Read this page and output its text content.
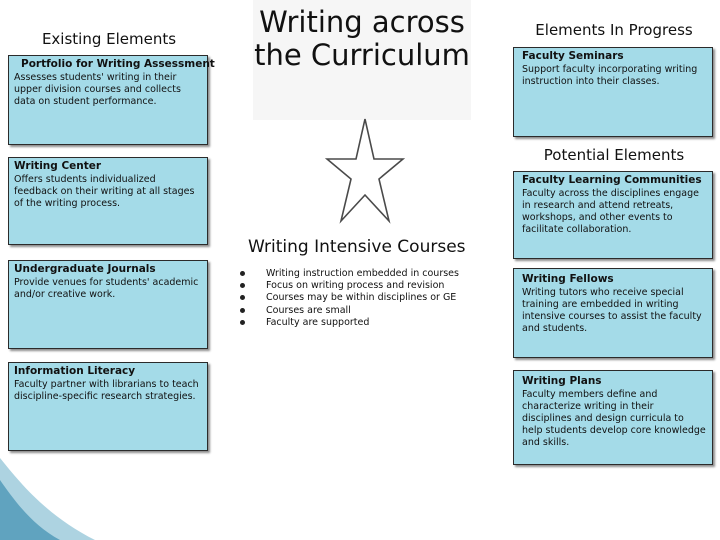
Writing across the Curriculum
Existing Elements	Elements In Progress
Potential Elements
Portfolio for Writing Assessment
Assesses students' writing in their upper division courses and collects data on student performance.
Writing Center
Offers students individualized feedback on their writing at all stages of the writing process.
Undergraduate Journals
Provide venues for students' academic and/or creative work.
Information Literacy
Faculty partner with librarians to teach discipline-specific research strategies.
Faculty Seminars
Support faculty incorporating writing instruction into their classes.
Faculty Learning Communities
Faculty across the disciplines engage in research and attend retreats, workshops, and other events to facilitate collaboration.
Writing Fellows
Writing tutors who receive special training are embedded in writing intensive courses to assist the faculty and students.
Writing Plans
Faculty members define and characterize writing in their disciplines and design curricula to help students develop core knowledge and skills.
Writing Intensive Courses
Writing instruction embedded in courses
Focus on writing process and revision
Courses may be within disciplines or GE
Courses are small
Faculty are supported
